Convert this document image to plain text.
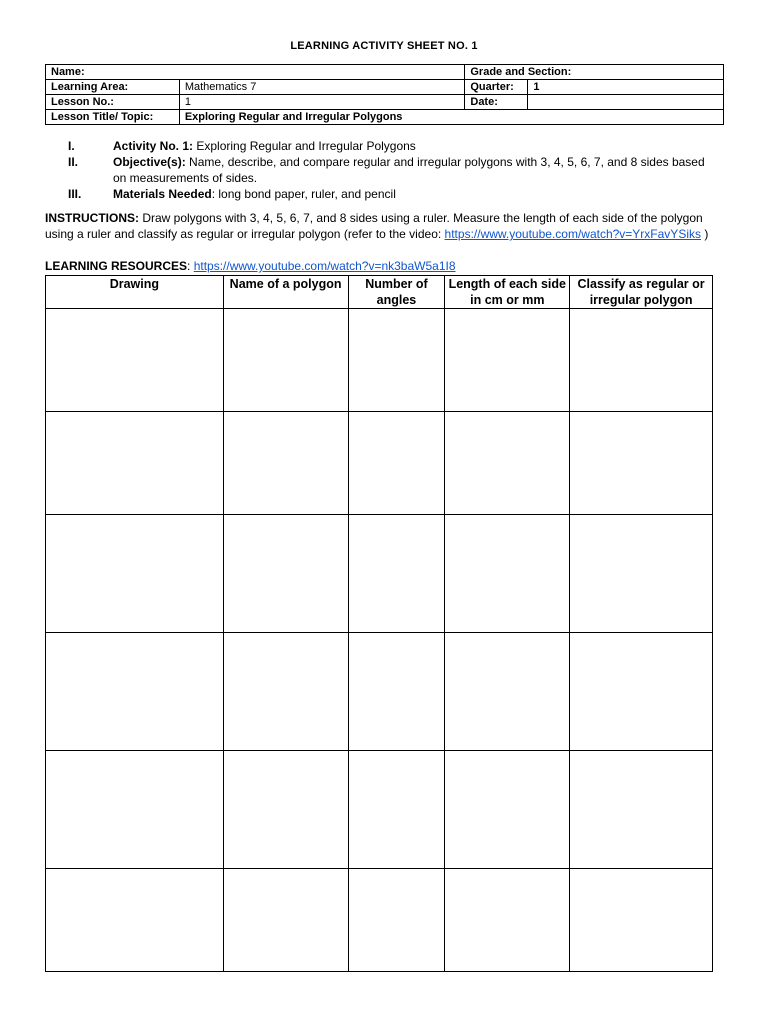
LEARNING ACTIVITY SHEET NO. 1
Name:		Grade and Section:	
Learning Area:	Mathematics 7	Quarter:	1
Lesson No.:	1	Date:	
Lesson Title/ Topic:	Exploring Regular and Irregular Polygons		
I.	Activity No. 1: Exploring Regular and Irregular Polygons
II.	Objective(s): Name, describe, and compare regular and irregular polygons with 3, 4, 5, 6, 7, and 8 sides based on measurements of sides.
III.	Materials Needed: long bond paper, ruler, and pencil
INSTRUCTIONS: Draw polygons with 3, 4, 5, 6, 7, and 8 sides using a ruler. Measure the length of each side of the polygon using a ruler and classify as regular or irregular polygon (refer to the video: https://www.youtube.com/watch?v=YrxFavYSiks )
LEARNING RESOURCES: https://www.youtube.com/watch?v=nk3baW5a1I8
Drawing	Name of a polygon	Number of angles	Length of each side in cm or mm	Classify as regular or irregular polygon
